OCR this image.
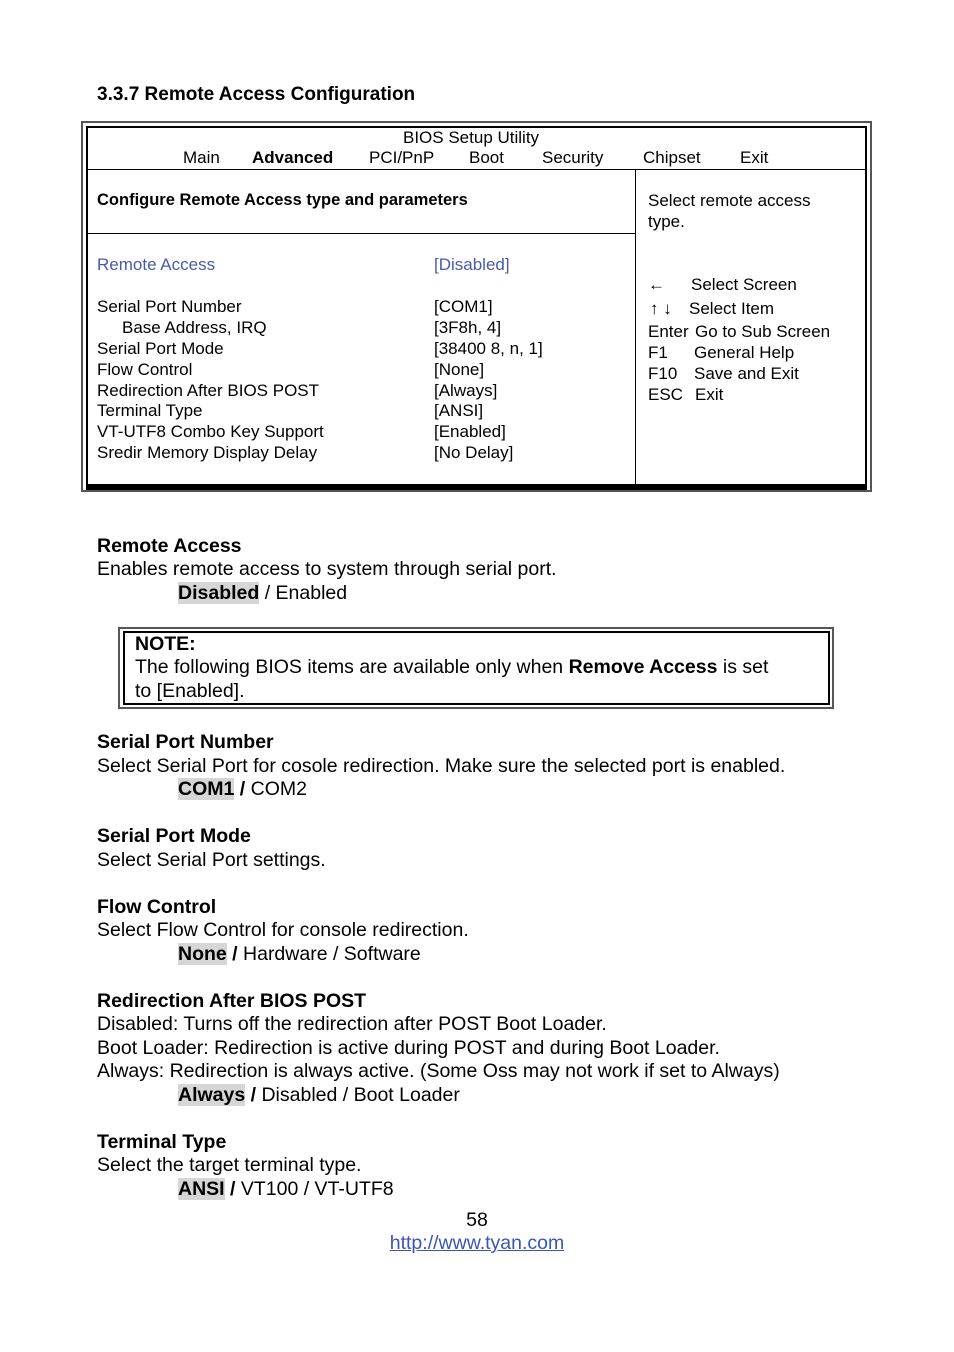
3.3.7 Remote Access Configuration
BIOS Setup Utility
Main Advanced PCI/PnP Boot Security Chipset Exit
Configure Remote Access type and parameters
Remote Access	[Disabled]
Serial Port Number	[COM1]
Base Address, IRQ	[3F8h, 4]
Serial Port Mode	[38400 8, n, 1]
Flow Control	[None]
Redirection After BIOS POST	[Always]
Terminal Type	[ANSI]
VT-UTF8 Combo Key Support	[Enabled]
Sredir Memory Display Delay	[No Delay]
Select remote access
type.
← Select Screen
↑ ↓ Select Item
Enter Go to Sub Screen
F1 General Help
F10 Save and Exit
ESC Exit
Remote Access
Enables remote access to system through serial port.
Disabled / Enabled
NOTE:
The following BIOS items are available only when Remove Access is set
to [Enabled].
Serial Port Number
Select Serial Port for cosole redirection. Make sure the selected port is enabled.
COM1 / COM2
Serial Port Mode
Select Serial Port settings.
Flow Control
Select Flow Control for console redirection.
None / Hardware / Software
Redirection After BIOS POST
Disabled: Turns off the redirection after POST Boot Loader.
Boot Loader: Redirection is active during POST and during Boot Loader.
Always: Redirection is always active. (Some Oss may not work if set to Always)
Always / Disabled / Boot Loader
Terminal Type
Select the target terminal type.
ANSI / VT100 / VT-UTF8
58
http://www.tyan.com
